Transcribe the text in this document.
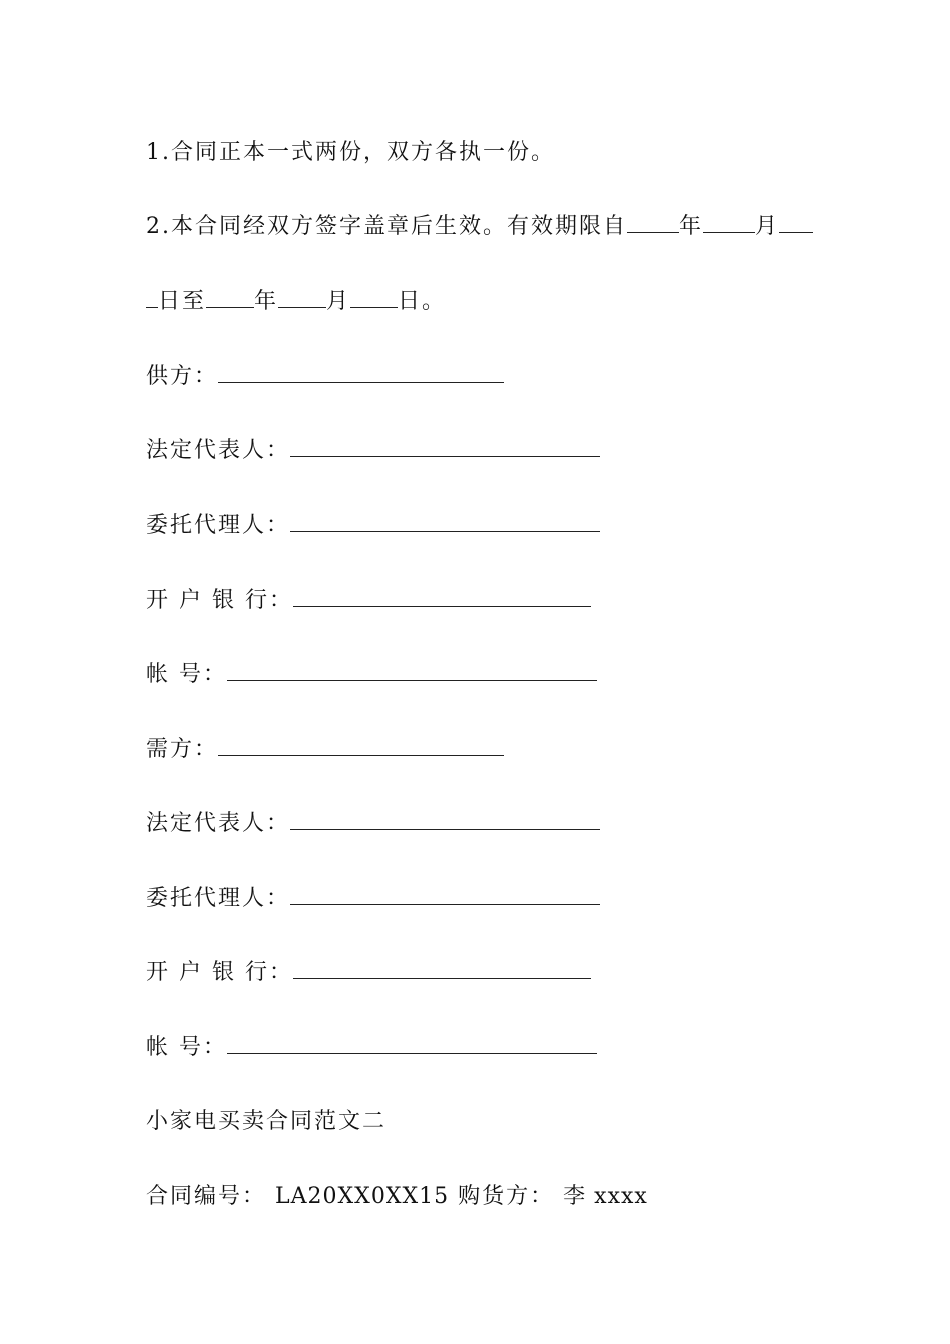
1.合同正本一式两份，双方各执一份。
2.本合同经双方签字盖章后生效。有效期限自 年 月
日至 年 月 日。
供方：
法定代表人：
委托代理人：
开 户 银 行：
帐 号：
需方：
法定代表人：
委托代理人：
开 户 银 行：
帐 号：
小家电买卖合同范文二
合同编号： LA20XX0XX15 购货方： 李 xxxx
